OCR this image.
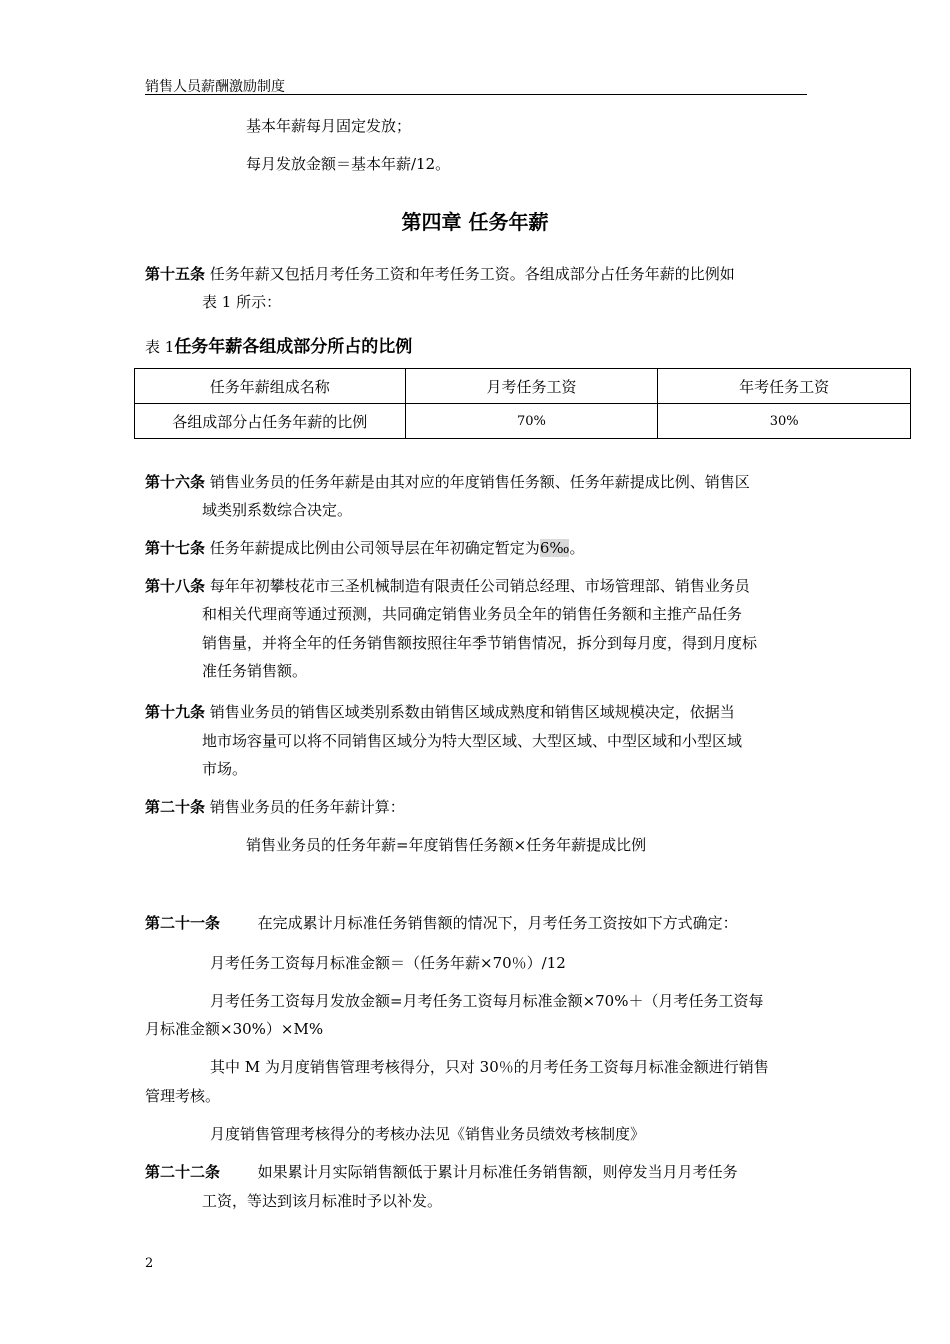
销售人员薪酬激励制度
基本年薪每月固定发放；
每月发放金额＝基本年薪/12。
第四章 任务年薪
第十五条 任务年薪又包括月考任务工资和年考任务工资。各组成部分占任务年薪的比例如
表 1 所示：
表 1任务年薪各组成部分所占的比例
任务年薪组成名称	月考任务工资	年考任务工资
各组成部分占任务年薪的比例	70%	30%
第十六条 销售业务员的任务年薪是由其对应的年度销售任务额、任务年薪提成比例、销售区
域类别系数综合决定。
第十七条 任务年薪提成比例由公司领导层在年初确定暂定为6‰。
第十八条 每年年初攀枝花市三圣机械制造有限责任公司销总经理、市场管理部、销售业务员
和相关代理商等通过预测，共同确定销售业务员全年的销售任务额和主推产品任务
销售量，并将全年的任务销售额按照往年季节销售情况，拆分到每月度，得到月度标
准任务销售额。
第十九条 销售业务员的销售区域类别系数由销售区域成熟度和销售区域规模决定，依据当
地市场容量可以将不同销售区域分为特大型区域、大型区域、中型区域和小型区域
市场。
第二十条 销售业务员的任务年薪计算：
销售业务员的任务年薪=年度销售任务额×任务年薪提成比例
第二十一条	在完成累计月标准任务销售额的情况下，月考任务工资按如下方式确定：
月考任务工资每月标准金额＝（任务年薪×70％）/12
月考任务工资每月发放金额=月考任务工资每月标准金额×70%＋（月考任务工资每
月标准金额×30%）×M%
其中 M 为月度销售管理考核得分，只对 30％的月考任务工资每月标准金额进行销售
管理考核。
月度销售管理考核得分的考核办法见《销售业务员绩效考核制度》
第二十二条	如果累计月实际销售额低于累计月标准任务销售额，则停发当月月考任务
工资，等达到该月标准时予以补发。
2
